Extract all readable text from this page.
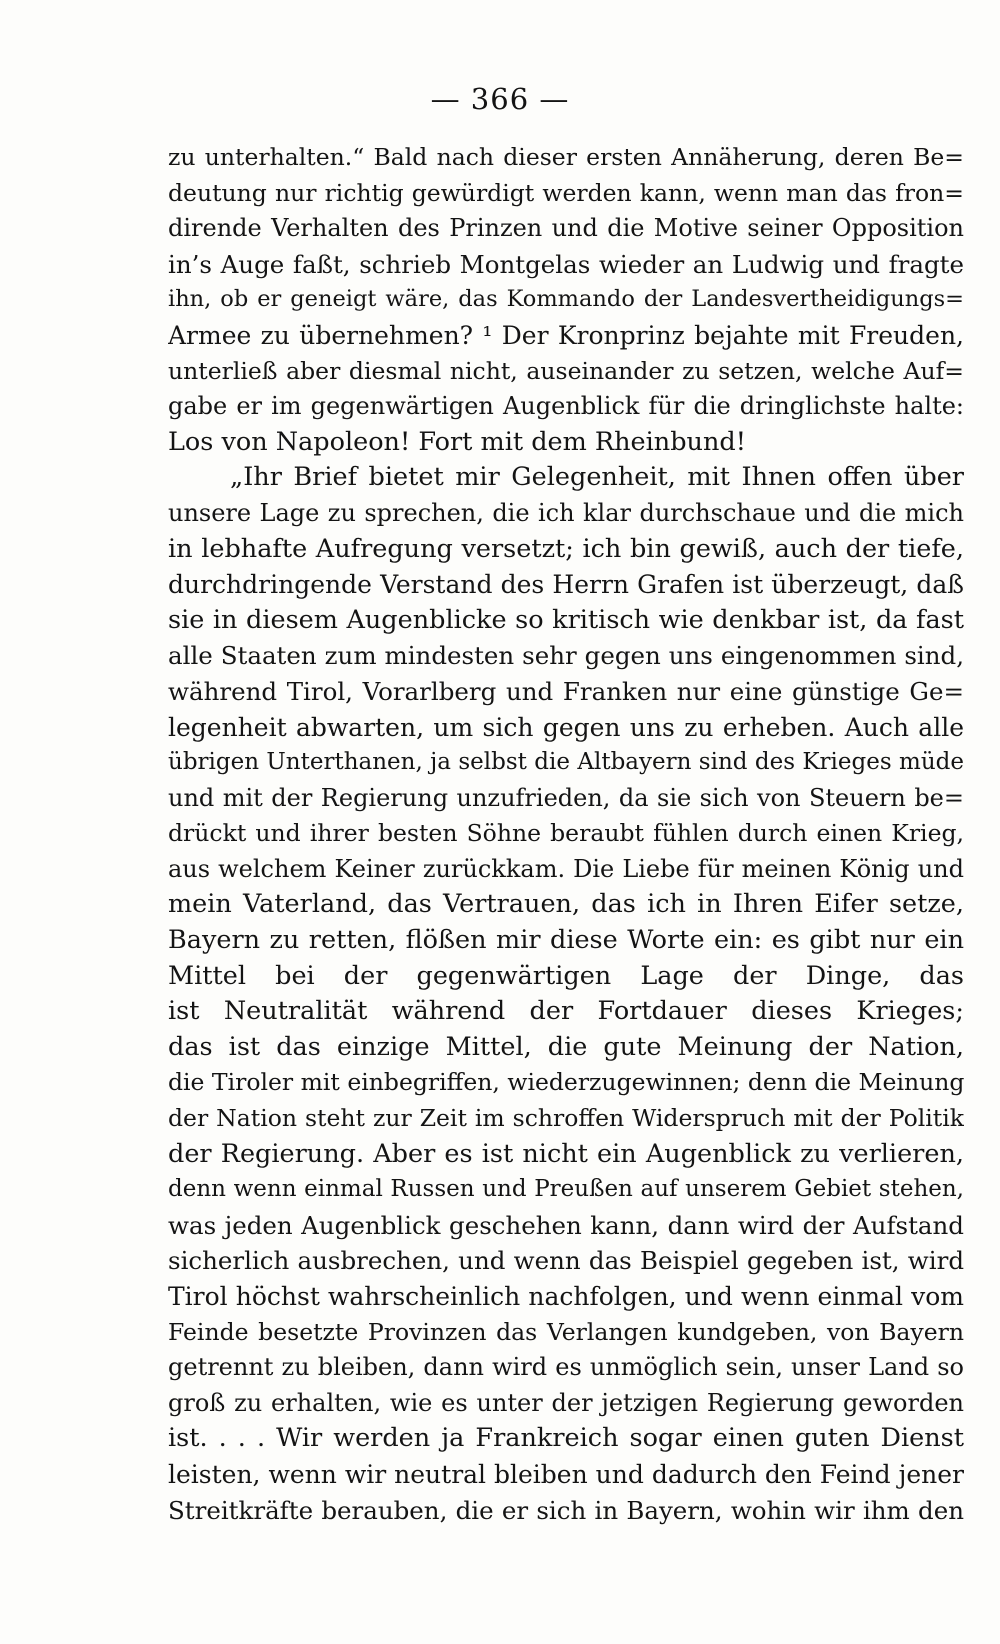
— 366 —
zu unterhalten.“ Bald nach dieser ersten Annäherung, deren Be=
deutung nur richtig gewürdigt werden kann, wenn man das fron=
dirende Verhalten des Prinzen und die Motive seiner Opposition
in’s Auge faßt, schrieb Montgelas wieder an Ludwig und fragte
ihn, ob er geneigt wäre, das Kommando der Landesvertheidigungs=
Armee zu übernehmen? ¹ Der Kronprinz bejahte mit Freuden,
unterließ aber diesmal nicht, auseinander zu setzen, welche Auf=
gabe er im gegenwärtigen Augenblick für die dringlichste halte:
Los von Napoleon! Fort mit dem Rheinbund!
„Ihr Brief bietet mir Gelegenheit, mit Ihnen offen über
unsere Lage zu sprechen, die ich klar durchschaue und die mich
in lebhafte Aufregung versetzt; ich bin gewiß, auch der tiefe,
durchdringende Verstand des Herrn Grafen ist überzeugt, daß
sie in diesem Augenblicke so kritisch wie denkbar ist, da fast
alle Staaten zum mindesten sehr gegen uns eingenommen sind,
während Tirol, Vorarlberg und Franken nur eine günstige Ge=
legenheit abwarten, um sich gegen uns zu erheben. Auch alle
übrigen Unterthanen, ja selbst die Altbayern sind des Krieges müde
und mit der Regierung unzufrieden, da sie sich von Steuern be=
drückt und ihrer besten Söhne beraubt fühlen durch einen Krieg,
aus welchem Keiner zurückkam. Die Liebe für meinen König und
mein Vaterland, das Vertrauen, das ich in Ihren Eifer setze,
Bayern zu retten, flößen mir diese Worte ein: es gibt nur ein
Mittel bei der gegenwärtigen Lage der Dinge, das
ist Neutralität während der Fortdauer dieses Krieges;
das ist das einzige Mittel, die gute Meinung der Nation,
die Tiroler mit einbegriffen, wiederzugewinnen; denn die Meinung
der Nation steht zur Zeit im schroffen Widerspruch mit der Politik
der Regierung. Aber es ist nicht ein Augenblick zu verlieren,
denn wenn einmal Russen und Preußen auf unserem Gebiet stehen,
was jeden Augenblick geschehen kann, dann wird der Aufstand
sicherlich ausbrechen, und wenn das Beispiel gegeben ist, wird
Tirol höchst wahrscheinlich nachfolgen, und wenn einmal vom
Feinde besetzte Provinzen das Verlangen kundgeben, von Bayern
getrennt zu bleiben, dann wird es unmöglich sein, unser Land so
groß zu erhalten, wie es unter der jetzigen Regierung geworden
ist. . . . Wir werden ja Frankreich sogar einen guten Dienst
leisten, wenn wir neutral bleiben und dadurch den Feind jener
Streitkräfte berauben, die er sich in Bayern, wohin wir ihm den
